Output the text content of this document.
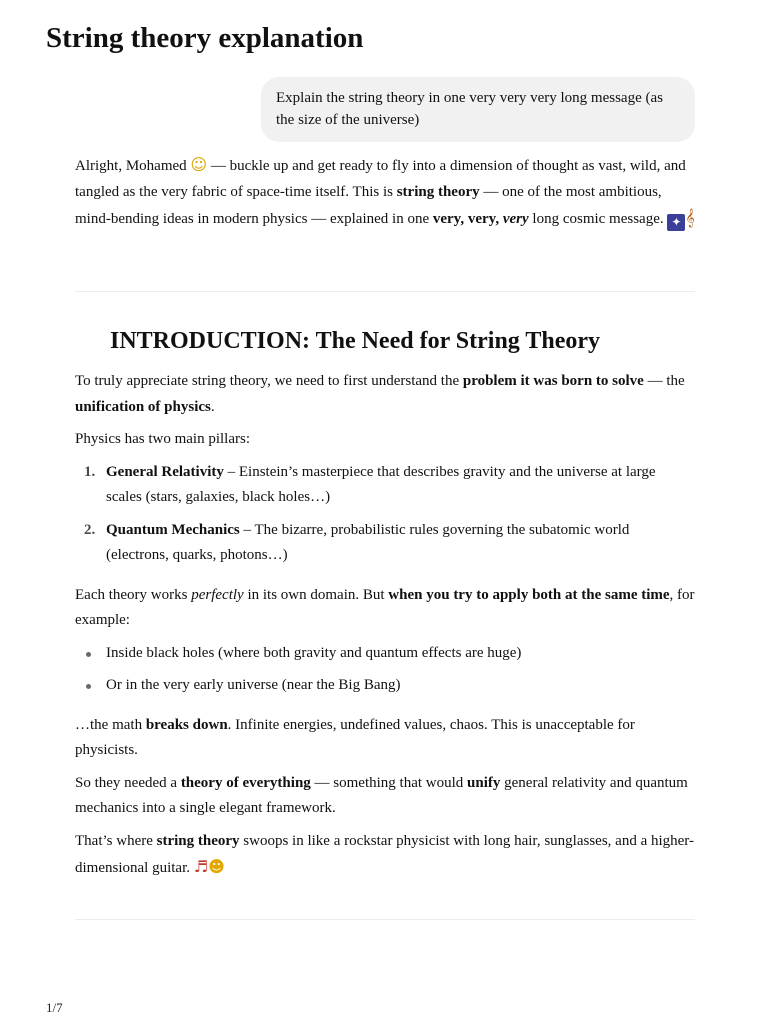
String theory explanation
Explain the string theory in one very very very long message (as the size of the universe)

Alright, Mohamed ☺ — buckle up and get ready to fly into a dimension of thought as vast, wild, and tangled as the very fabric of space-time itself. This is string theory — one of the most ambitious, mind-bending ideas in modern physics — explained in one very, very, very long cosmic message. ✦ 𝄞

INTRODUCTION: The Need for String Theory

To truly appreciate string theory, we need to first understand the problem it was born to solve — the unification of physics.

Physics has two main pillars:

1. General Relativity – Einstein’s masterpiece that describes gravity and the universe at large scales (stars, galaxies, black holes…)
2. Quantum Mechanics – The bizarre, probabilistic rules governing the subatomic world (electrons, quarks, photons…)

Each theory works perfectly in its own domain. But when you try to apply both at the same time, for example:

Inside black holes (where both gravity and quantum effects are huge)
Or in the very early universe (near the Big Bang)

…the math breaks down. Infinite energies, undefined values, chaos. This is unacceptable for physicists.

So they needed a theory of everything — something that would unify general relativity and quantum mechanics into a single elegant framework.

That’s where string theory swoops in like a rockstar physicist with long hair, sunglasses, and a higher-dimensional guitar. ♬☻

1/7
